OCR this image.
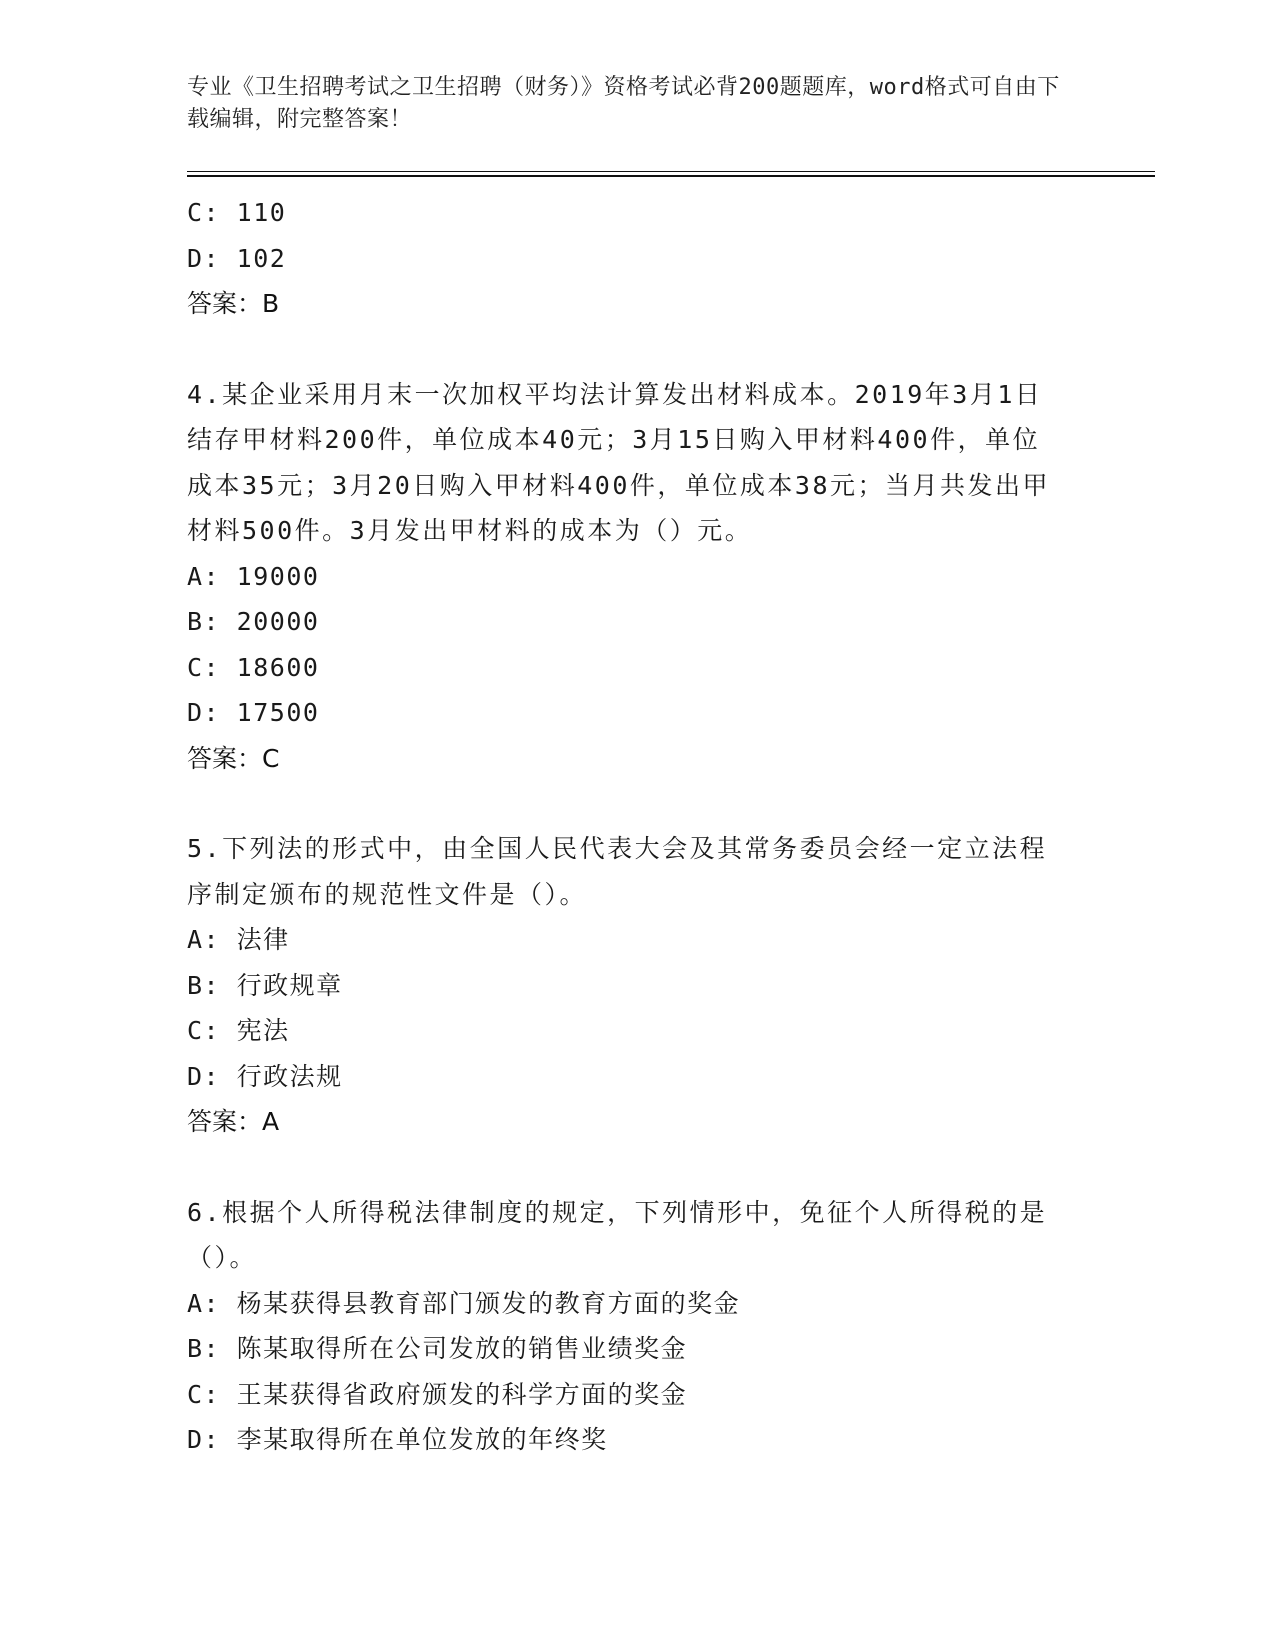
专业《卫生招聘考试之卫生招聘（财务）》资格考试必背200题题库，word格式可自由下载编辑，附完整答案！
C: 110
D: 102
答案：B
4.某企业采用月末一次加权平均法计算发出材料成本。2019年3月1日结存甲材料200件，单位成本40元；3月15日购入甲材料400件，单位成本35元；3月20日购入甲材料400件，单位成本38元；当月共发出甲材料500件。3月发出甲材料的成本为（）元。
A: 19000
B: 20000
C: 18600
D: 17500
答案：C
5.下列法的形式中，由全国人民代表大会及其常务委员会经一定立法程序制定颁布的规范性文件是（）。
A: 法律
B: 行政规章
C: 宪法
D: 行政法规
答案：A
6.根据个人所得税法律制度的规定，下列情形中，免征个人所得税的是（）。
A: 杨某获得县教育部门颁发的教育方面的奖金
B: 陈某取得所在公司发放的销售业绩奖金
C: 王某获得省政府颁发的科学方面的奖金
D: 李某取得所在单位发放的年终奖
